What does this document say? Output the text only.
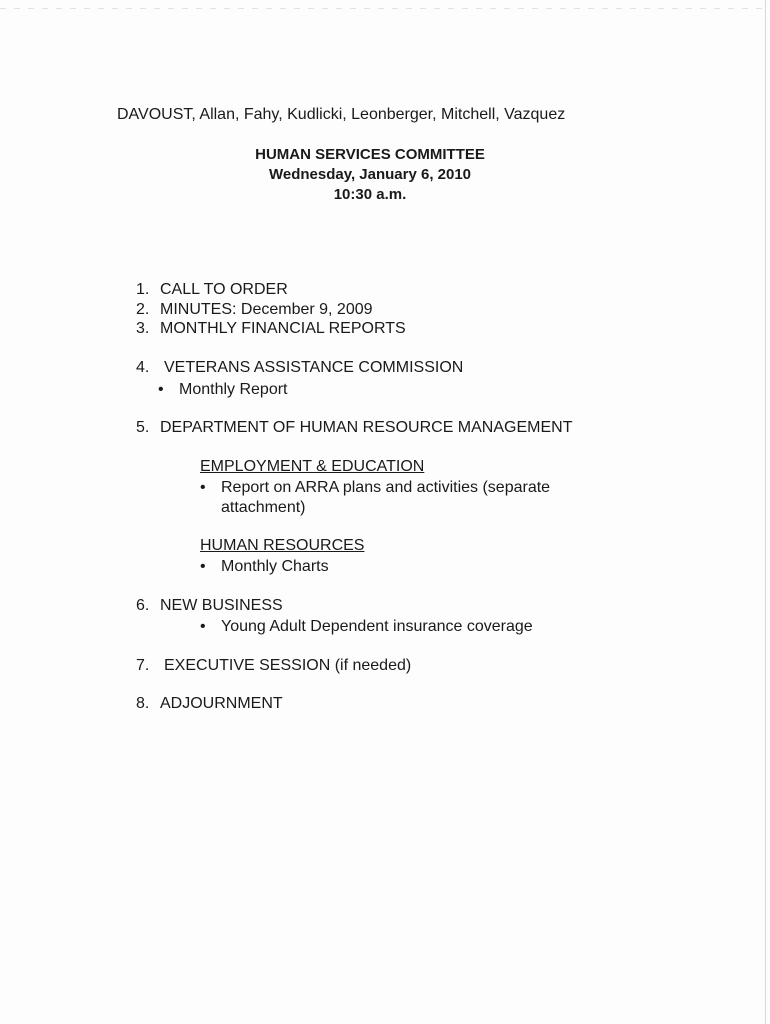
DAVOUST, Allan, Fahy, Kudlicki, Leonberger, Mitchell, Vazquez
HUMAN SERVICES COMMITTEE
Wednesday, January 6, 2010
10:30 a.m.
1. CALL TO ORDER
2. MINUTES: December 9, 2009
3. MONTHLY FINANCIAL REPORTS
4. VETERANS ASSISTANCE COMMISSION
• Monthly Report
5. DEPARTMENT OF HUMAN RESOURCE MANAGEMENT
EMPLOYMENT & EDUCATION
• Report on ARRA plans and activities (separate
attachment)
HUMAN RESOURCES
• Monthly Charts
6. NEW BUSINESS
• Young Adult Dependent insurance coverage
7. EXECUTIVE SESSION (if needed)
8. ADJOURNMENT
